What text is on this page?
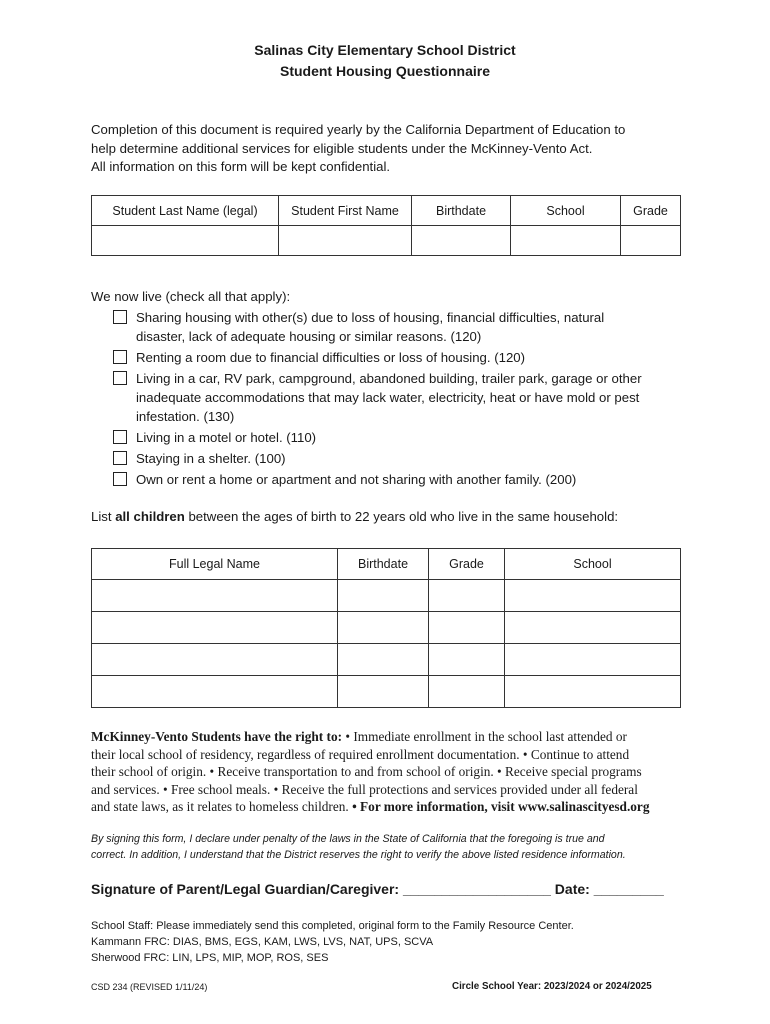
Salinas City Elementary School District
Student Housing Questionnaire
Completion of this document is required yearly by the California Department of Education to
help determine additional services for eligible students under the McKinney-Vento Act.
All information on this form will be kept confidential.
Student Last Name (legal)	Student First Name	Birthdate	School	Grade

We now live (check all that apply):
Sharing housing with other(s) due to loss of housing, financial difficulties, natural
disaster, lack of adequate housing or similar reasons. (120)
Renting a room due to financial difficulties or loss of housing. (120)
Living in a car, RV park, campground, abandoned building, trailer park, garage or other
inadequate accommodations that may lack water, electricity, heat or have mold or pest
infestation. (130)
Living in a motel or hotel. (110)
Staying in a shelter. (100)
Own or rent a home or apartment and not sharing with another family. (200)
List all children between the ages of birth to 22 years old who live in the same household:
Full Legal Name	Birthdate	Grade	School

McKinney-Vento Students have the right to: • Immediate enrollment in the school last attended or
their local school of residency, regardless of required enrollment documentation. • Continue to attend
their school of origin. • Receive transportation to and from school of origin. • Receive special programs
and services. • Free school meals. • Receive the full protections and services provided under all federal
and state laws, as it relates to homeless children. • For more information, visit www.salinascityesd.org
By signing this form, I declare under penalty of the laws in the State of California that the foregoing is true and
correct. In addition, I understand that the District reserves the right to verify the above listed residence information.
Signature of Parent/Legal Guardian/Caregiver: ___________________ Date: _________
School Staff: Please immediately send this completed, original form to the Family Resource Center.
Kammann FRC: DIAS, BMS, EGS, KAM, LWS, LVS, NAT, UPS, SCVA
Sherwood FRC: LIN, LPS, MIP, MOP, ROS, SES
CSD 234 (REVISED 1/11/24)	Circle School Year: 2023/2024 or 2024/2025
